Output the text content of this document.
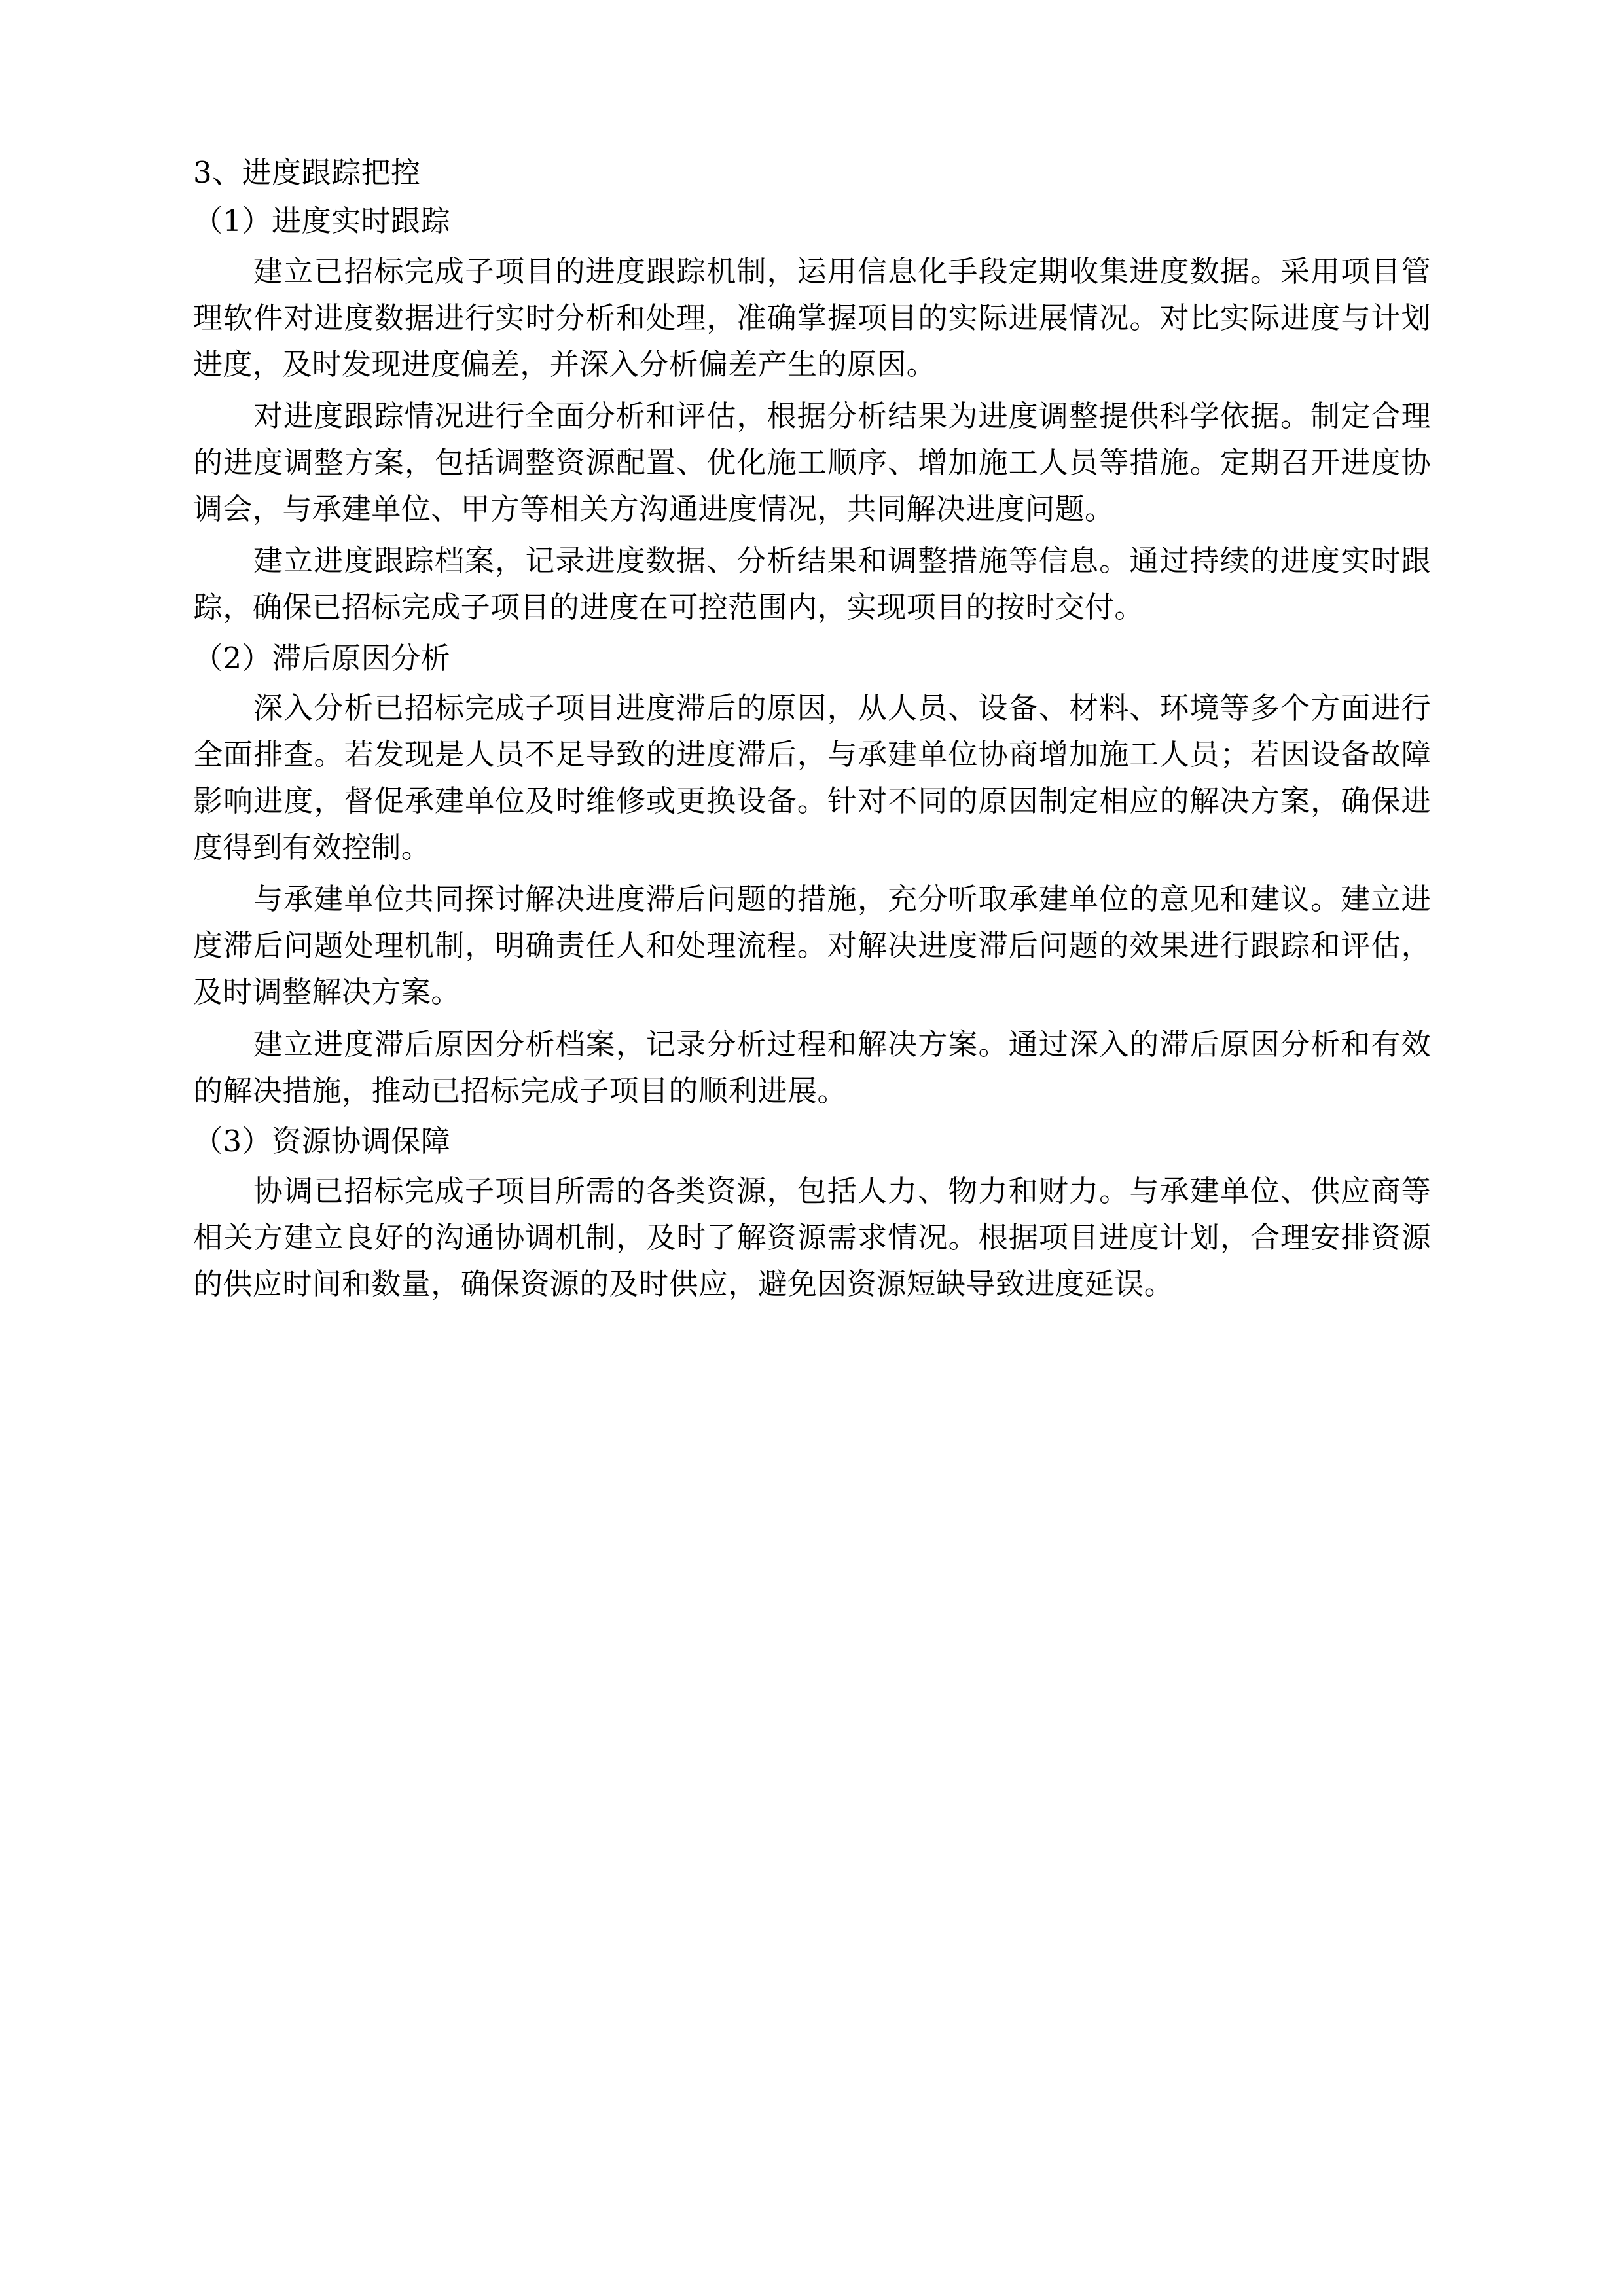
3、进度跟踪把控

（1）进度实时跟踪

建立已招标完成子项目的进度跟踪机制，运用信息化手段定期收集进度数据。采用项目管理软件对进度数据进行实时分析和处理，准确掌握项目的实际进展情况。对比实际进度与计划进度，及时发现进度偏差，并深入分析偏差产生的原因。

对进度跟踪情况进行全面分析和评估，根据分析结果为进度调整提供科学依据。制定合理的进度调整方案，包括调整资源配置、优化施工顺序、增加施工人员等措施。定期召开进度协调会，与承建单位、甲方等相关方沟通进度情况，共同解决进度问题。

建立进度跟踪档案，记录进度数据、分析结果和调整措施等信息。通过持续的进度实时跟踪，确保已招标完成子项目的进度在可控范围内，实现项目的按时交付。

（2）滞后原因分析

深入分析已招标完成子项目进度滞后的原因，从人员、设备、材料、环境等多个方面进行全面排查。若发现是人员不足导致的进度滞后，与承建单位协商增加施工人员；若因设备故障影响进度，督促承建单位及时维修或更换设备。针对不同的原因制定相应的解决方案，确保进度得到有效控制。

与承建单位共同探讨解决进度滞后问题的措施，充分听取承建单位的意见和建议。建立进度滞后问题处理机制，明确责任人和处理流程。对解决进度滞后问题的效果进行跟踪和评估，及时调整解决方案。

建立进度滞后原因分析档案，记录分析过程和解决方案。通过深入的滞后原因分析和有效的解决措施，推动已招标完成子项目的顺利进展。

（3）资源协调保障

协调已招标完成子项目所需的各类资源，包括人力、物力和财力。与承建单位、供应商等相关方建立良好的沟通协调机制，及时了解资源需求情况。根据项目进度计划，合理安排资源的供应时间和数量，确保资源的及时供应，避免因资源短缺导致进度延误。
